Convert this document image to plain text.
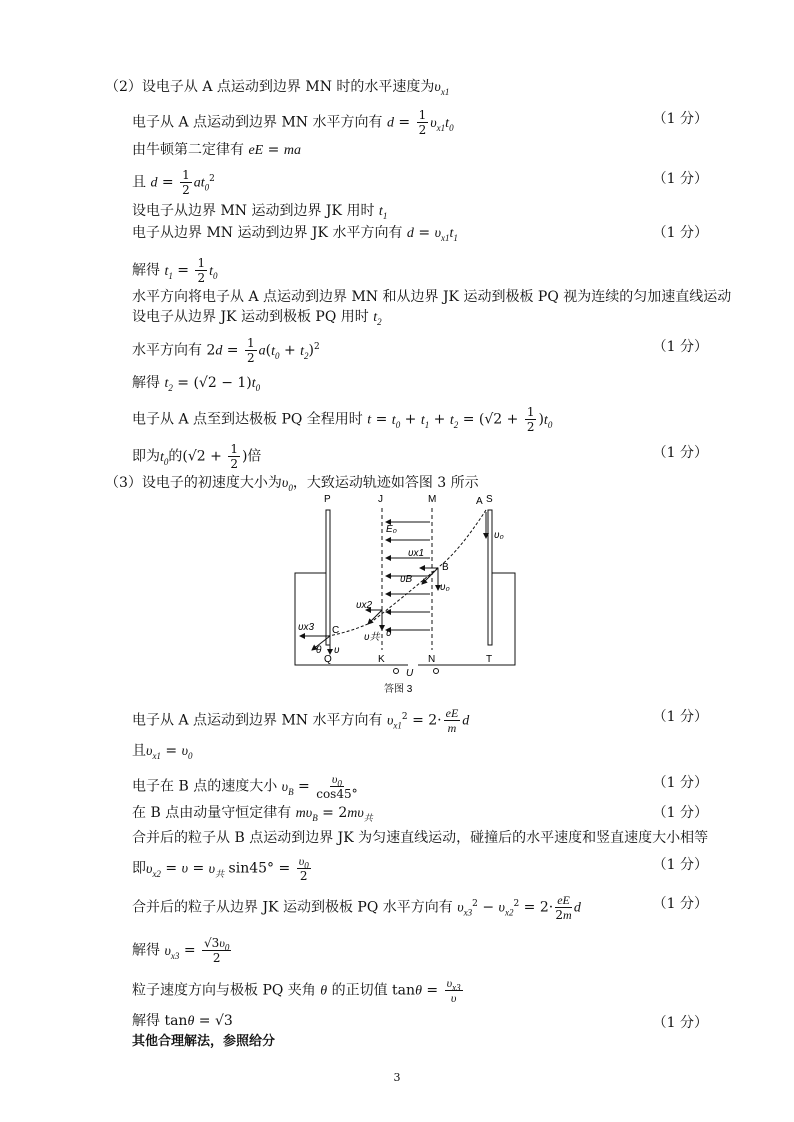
（2）设电子从 A 点运动到边界 MN 时的水平速度为$\upsilon_{x1}$
电子从 A 点运动到边界 MN 水平方向有 $d = \frac{1}{2} \upsilon_{x1}t_0$
（1 分）
由牛顿第二定律有 eE = ma
且 $d = \frac{1}{2} at_0^2$	（1 分）
设电子从边界 MN 运动到边界 JK 用时 $t_1$
电子从边界 MN 运动到边界 JK 水平方向有 $d = \upsilon_{x1}t_1$	（1 分）
解得 $t_1 = \frac{1}{2} t_0$
水平方向将电子从 A 点运动到边界 MN 和从边界 JK 运动到极板 PQ 视为连续的匀加速直线运动
设电子从边界 JK 运动到极板 PQ 用时 $t_2$
水平方向有 $2d = \frac{1}{2} a(t_0 + t_2)^2$	（1 分）
解得 $t_2 = (√2 - 1)t_0$
电子从 A 点至到达极板 PQ 全程用时 $t = t_0 + t_1 + t_2 = (√2 + \frac{1}{2} )t_0$
即为$t_0$的($√2 + \frac{1}{2}$ )倍	（1 分）
（3）设电子的初速度大小为$\upsilon_0$，大致运动轨迹如答图 3 所示
P	J	M	A S
E₀
υ₀
υx1
B
υB
υ₀
υx2
C
υ共 υ
υx3
θ υ
Q	K	N	T
U
答图 3
电子从 A 点运动到边界 MN 水平方向有 $\upsilon_{x1}^2 = 2\cdot \frac{eE}{m}$ d	（1 分）
且$\upsilon_{x1} = \upsilon_0$
电子在 B 点的速度大小 $\upsilon_B = \frac{\upsilon_0}{\cos 45^\circ}$	（1 分）
在 B 点由动量守恒定律有 $m\upsilon_B = 2m\upsilon_共$	（1 分）
合并后的粒子从 B 点运动到边界 JK 为匀速直线运动，碰撞后的水平速度和竖直速度大小相等
即$\upsilon_{x2} = \upsilon = \upsilon_共$ $\sin 45^\circ = \frac{\upsilon_0}{2}$	（1 分）
合并后的粒子从边界 JK 运动到极板 PQ 水平方向有 $\upsilon_{x3}^2 - \upsilon_{x2}^2 = 2\cdot \frac{eE}{2m}$ d	（1 分）
解得 $\upsilon_{x3} = \frac{√3\upsilon_0}{2}$
粒子速度方向与极板 PQ 夹角 θ 的正切值 $\tan\theta = \frac{\upsilon_{x3}}{\upsilon}$
解得 tanθ = √3	（1 分）
其他合理解法，参照给分
3
